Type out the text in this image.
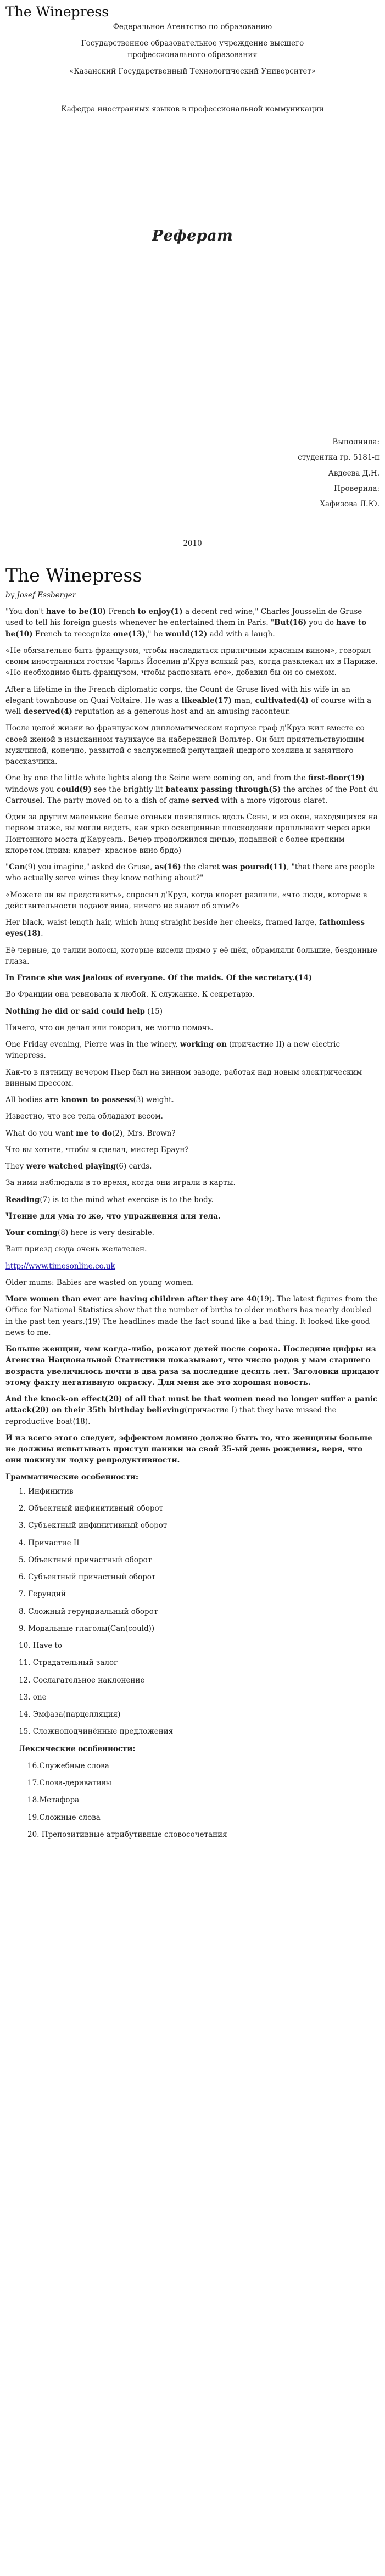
The Winepress

Федеральное Агентство по образованию

Государственное образовательное учреждение высшего

профессионального образования

«Казанский Государственный Технологический Университет»

Кафедра иностранных языков в профессиональной коммуникации

Реферат

Выполнила:

студентка гр. 5181-п

Авдеева Д.Н.

Проверила:

Хафизова Л.Ю.

2010

The Winepress

by Josef Essberger

"You don't have to be(10) French to enjoy(1) a decent red wine," Charles Jousselin de Gruse used to tell his foreign guests whenever he entertained them in Paris. "But(16) you do have to be(10) French to recognize one(13)," he would(12) add with a laugh.

«Не обязательно быть французом, чтобы насладиться приличным красным вином», говорил своим иностранным гостям Чарльз Йоселин д'Круз всякий раз, когда развлекал их в Париже. «Но необходимо быть французом, чтобы распознать его», добавил бы он со смехом.

After a lifetime in the French diplomatic corps, the Count de Gruse lived with his wife in an elegant townhouse on Quai Voltaire. He was a likeable(17) man, cultivated(4) of course with a well deserved(4) reputation as a generous host and an amusing raconteur.

После целой жизни во французском дипломатическом корпусе граф д'Круз жил вместе со своей женой в изысканном таунхаусе на набережной Вольтер. Он был приятельствующим мужчиной, конечно, развитой с заслуженной репутацией щедрого хозяина и занятного рассказчика.

One by one the little white lights along the Seine were coming on, and from the first-floor(19) windows you could(9) see the brightly lit bateaux passing through(5) the arches of the Pont du Carrousel. The party moved on to a dish of game served with a more vigorous claret.

Один за другим маленькие белые огоньки появлялись вдоль Сены, и из окон, находящихся на первом этаже, вы могли видеть, как ярко освещенные плоскодонки проплывают через арки Понтонного моста д'Карусэль. Вечер продолжился дичью, поданной с более крепким клоретом.(прим: кларет- красное вино брдо)

"Can(9) you imagine," asked de Gruse, as(16) the claret was poured(11), "that there are people who actually serve wines they know nothing about?"

«Можете ли вы представить», спросил д'Круз, когда клорет разлили, «что люди, которые в действительности подают вина, ничего не знают об этом?»

Her black, waist-length hair, which hung straight beside her cheeks, framed large, fathomless eyes(18).

Её черные, до талии волосы, которые висели прямо у её щёк, обрамляли большие, бездонные глаза.

In France she was jealous of everyone. Of the maids. Of the secretary.(14)

Во Франции она ревновала к любой. К служанке. К секретарю.

Nothing he did or said could help (15)

Ничего, что он делал или говорил, не могло помочь.

One Friday evening, Pierre was in the winery, working on (причастие II) a new electric winepress.

Как-то в пятницу вечером Пьер был на винном заводе, работая над новым электрическим винным прессом.

All bodies are known to possess(3) weight.

Известно, что все тела обладают весом.

What do you want me to do(2), Mrs. Brown?

Что вы хотите, чтобы я сделал, мистер Браун?

They were watched playing(6) cards.

За ними наблюдали в то время, когда они играли в карты.

Reading(7) is to the mind what exercise is to the body.

Чтение для ума то же, что упражнения для тела.

Your coming(8) here is very desirable.

Ваш приезд сюда очень желателен.

http://www.timesonline.co.uk

Older mums: Babies are wasted on young women.

More women than ever are having children after they are 40(19). The latest figures from the Office for National Statistics show that the number of births to older mothers has nearly doubled in the past ten years.(19) The headlines made the fact sound like a bad thing. It looked like good news to me.

Больше женщин, чем когда-либо, рожают детей после сорока. Последние цифры из Агенства Национальной Статистики показывают, что число родов у мам старшего возраста увеличилось почти в два раза за последние десять лет. Заголовки придают этому факту негативную окраску. Для меня же это хорошая новость.

And the knock-on effect(20) of all that must be that women need no longer suffer a panic attack(20) on their 35th birthday believing(причастие I) that they have missed the reproductive boat(18).

И из всего этого следует, эффектом домино должно быть то, что женщины больше не должны испытывать приступ паники на свой 35-ый день рождения, веря, что они покинули лодку репродуктивности.

Грамматические особенности:

1. Инфинитив
2. Объектный инфинитивный оборот
3. Субъектный инфинитивный оборот
4. Причастие II
5. Объектный причастный оборот
6. Субъектный причастный оборот
7. Герундий
8. Сложный герундиальный оборот
9. Модальные глаголы(Can(could))
10. Have to
11. Страдательный залог
12. Сослагательное наклонение
13. one
14. Эмфаза(парцелляция)
15. Сложноподчинённые предложения

Лексические особенности:

16.Служебные слова
17.Слова-деривативы
18.Метафора
19.Сложные слова
20. Препозитивные атрибутивные словосочетания
